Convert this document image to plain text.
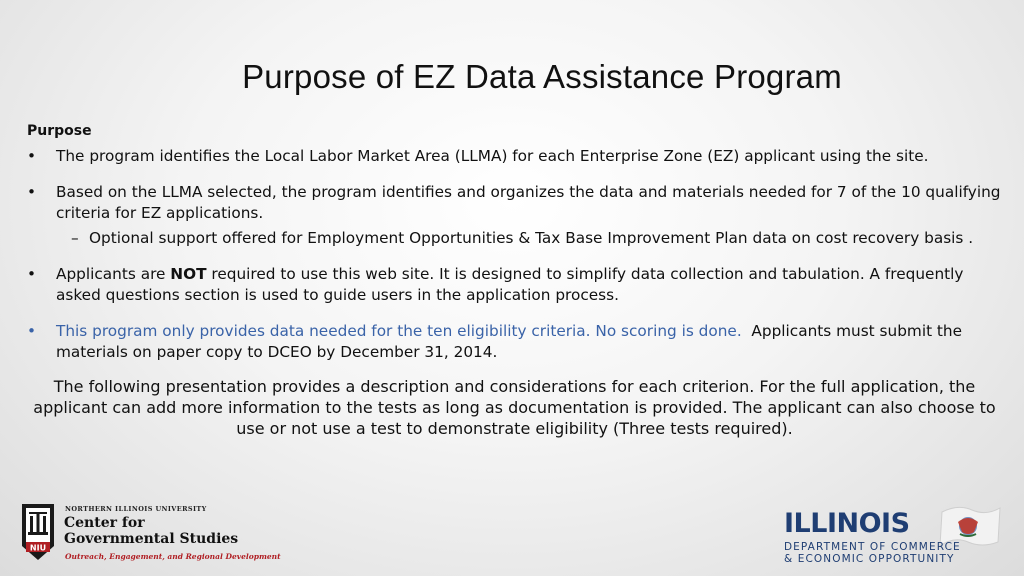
Purpose of EZ Data Assistance Program
Purpose
• The program identifies the Local Labor Market Area (LLMA) for each Enterprise Zone (EZ) applicant using the site.
• Based on the LLMA selected, the program identifies and organizes the data and materials needed for 7 of the 10 qualifying criteria for EZ applications.
– Optional support offered for Employment Opportunities & Tax Base Improvement Plan data on cost recovery basis .
• Applicants are NOT required to use this web site. It is designed to simplify data collection and tabulation. A frequently asked questions section is used to guide users in the application process.
• This program only provides data needed for the ten eligibility criteria. No scoring is done.  Applicants must submit the materials on paper copy to DCEO by December 31, 2014.
The following presentation provides a description and considerations for each criterion. For the full application, the applicant can add more information to the tests as long as documentation is provided. The applicant can also choose to use or not use a test to demonstrate eligibility (Three tests required).
NIU
NORTHERN ILLINOIS UNIVERSITY
Center for
Governmental Studies
Outreach, Engagement, and Regional Development
ILLINOIS
DEPARTMENT OF COMMERCE
& ECONOMIC OPPORTUNITY
